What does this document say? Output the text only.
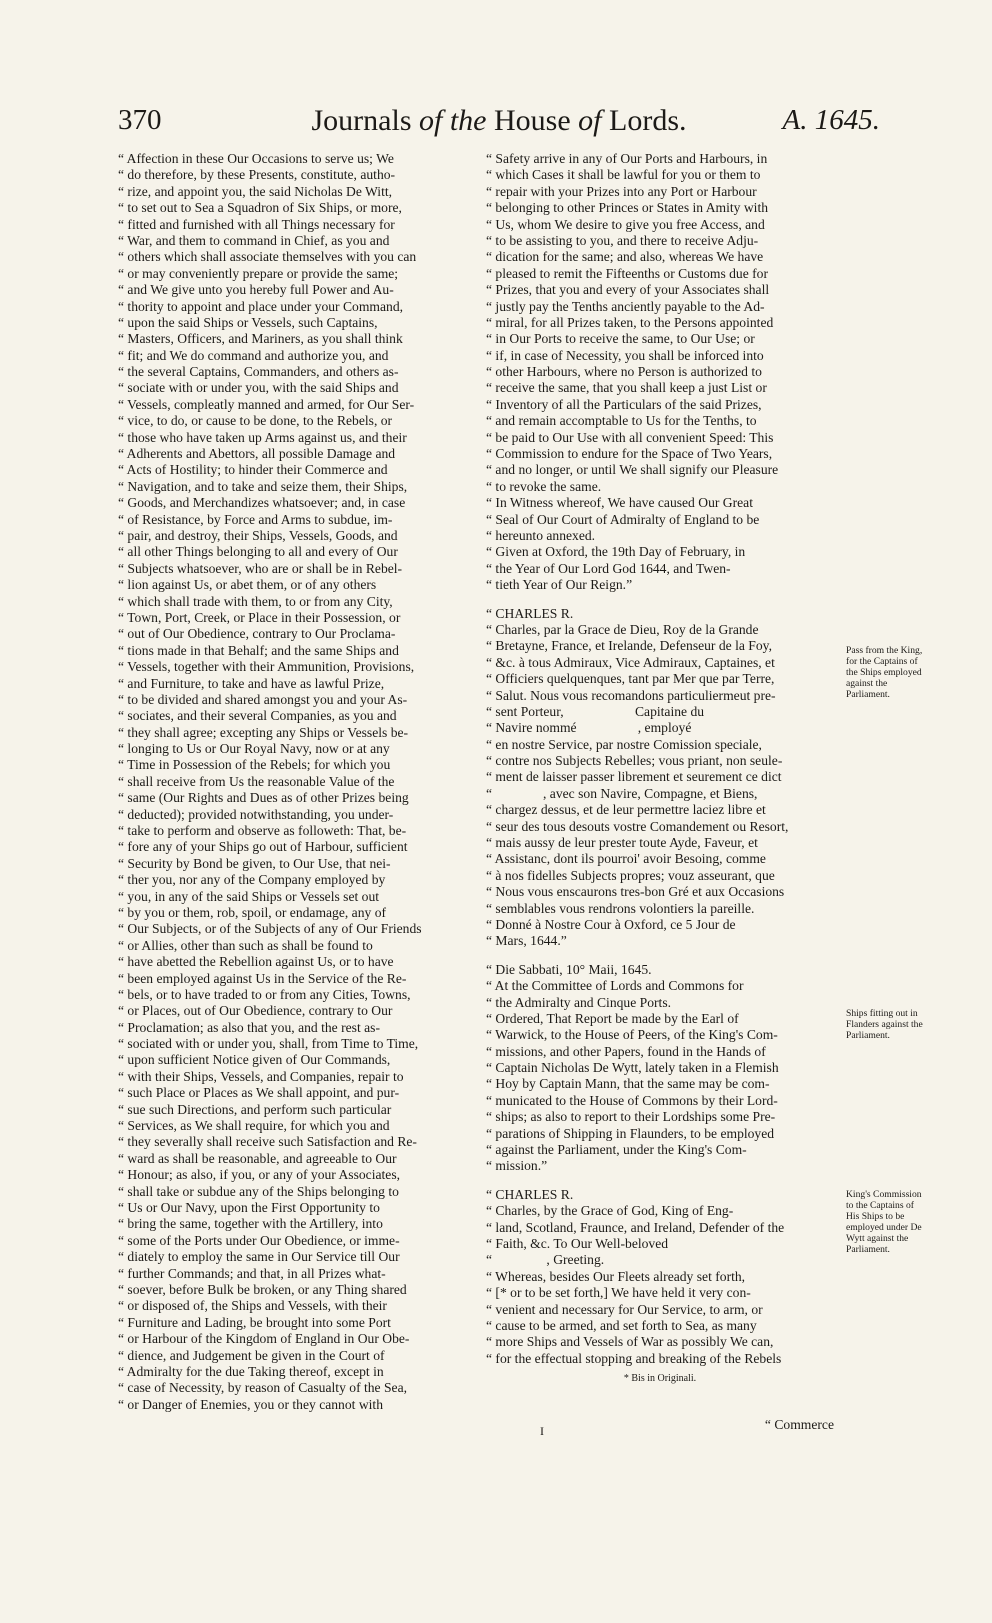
370	Journals of the House of Lords.	A. 1645.
“ Affection in these Our Occasions to serve us; We
“ do therefore, by these Presents, constitute, autho-
“ rize, and appoint you, the said Nicholas De Witt,
“ to set out to Sea a Squadron of Six Ships, or more,
“ fitted and furnished with all Things necessary for
“ War, and them to command in Chief, as you and
“ others which shall associate themselves with you can
“ or may conveniently prepare or provide the same;
“ and We give unto you hereby full Power and Au-
“ thority to appoint and place under your Command,
“ upon the said Ships or Vessels, such Captains,
“ Masters, Officers, and Mariners, as you shall think
“ fit; and We do command and authorize you, and
“ the several Captains, Commanders, and others as-
“ sociate with or under you, with the said Ships and
“ Vessels, compleatly manned and armed, for Our Ser-
“ vice, to do, or cause to be done, to the Rebels, or
“ those who have taken up Arms against us, and their
“ Adherents and Abettors, all possible Damage and
“ Acts of Hostility; to hinder their Commerce and
“ Navigation, and to take and seize them, their Ships,
“ Goods, and Merchandizes whatsoever; and, in case
“ of Resistance, by Force and Arms to subdue, im-
“ pair, and destroy, their Ships, Vessels, Goods, and
“ all other Things belonging to all and every of Our
“ Subjects whatsoever, who are or shall be in Rebel-
“ lion against Us, or abet them, or of any others
“ which shall trade with them, to or from any City,
“ Town, Port, Creek, or Place in their Possession, or
“ out of Our Obedience, contrary to Our Proclama-
“ tions made in that Behalf; and the same Ships and
“ Vessels, together with their Ammunition, Provisions,
“ and Furniture, to take and have as lawful Prize,
“ to be divided and shared amongst you and your As-
“ sociates, and their several Companies, as you and
“ they shall agree; excepting any Ships or Vessels be-
“ longing to Us or Our Royal Navy, now or at any
“ Time in Possession of the Rebels; for which you
“ shall receive from Us the reasonable Value of the
“ same (Our Rights and Dues as of other Prizes being
“ deducted); provided notwithstanding, you under-
“ take to perform and observe as followeth: That, be-
“ fore any of your Ships go out of Harbour, sufficient
“ Security by Bond be given, to Our Use, that nei-
“ ther you, nor any of the Company employed by
“ you, in any of the said Ships or Vessels set out
“ by you or them, rob, spoil, or endamage, any of
“ Our Subjects, or of the Subjects of any of Our Friends
“ or Allies, other than such as shall be found to
“ have abetted the Rebellion against Us, or to have
“ been employed against Us in the Service of the Re-
“ bels, or to have traded to or from any Cities, Towns,
“ or Places, out of Our Obedience, contrary to Our
“ Proclamation; as also that you, and the rest as-
“ sociated with or under you, shall, from Time to Time,
“ upon sufficient Notice given of Our Commands,
“ with their Ships, Vessels, and Companies, repair to
“ such Place or Places as We shall appoint, and pur-
“ sue such Directions, and perform such particular
“ Services, as We shall require, for which you and
“ they severally shall receive such Satisfaction and Re-
“ ward as shall be reasonable, and agreeable to Our
“ Honour; as also, if you, or any of your Associates,
“ shall take or subdue any of the Ships belonging to
“ Us or Our Navy, upon the First Opportunity to
“ bring the same, together with the Artillery, into
“ some of the Ports under Our Obedience, or imme-
“ diately to employ the same in Our Service till Our
“ further Commands; and that, in all Prizes what-
“ soever, before Bulk be broken, or any Thing shared
“ or disposed of, the Ships and Vessels, with their
“ Furniture and Lading, be brought into some Port
“ or Harbour of the Kingdom of England in Our Obe-
“ dience, and Judgement be given in the Court of
“ Admiralty for the due Taking thereof, except in
“ case of Necessity, by reason of Casualty of the Sea,
“ or Danger of Enemies, you or they cannot with
“ Safety arrive in any of Our Ports and Harbours, in
“ which Cases it shall be lawful for you or them to
“ repair with your Prizes into any Port or Harbour
“ belonging to other Princes or States in Amity with
“ Us, whom We desire to give you free Access, and
“ to be assisting to you, and there to receive Adju-
“ dication for the same; and also, whereas We have
“ pleased to remit the Fifteenths or Customs due for
“ Prizes, that you and every of your Associates shall
“ justly pay the Tenths anciently payable to the Ad-
“ miral, for all Prizes taken, to the Persons appointed
“ in Our Ports to receive the same, to Our Use; or
“ if, in case of Necessity, you shall be inforced into
“ other Harbours, where no Person is authorized to
“ receive the same, that you shall keep a just List or
“ Inventory of all the Particulars of the said Prizes,
“ and remain accomptable to Us for the Tenths, to
“ be paid to Our Use with all convenient Speed: This
“ Commission to endure for the Space of Two Years,
“ and no longer, or until We shall signify our Pleasure
“ to revoke the same.
“ In Witness whereof, We have caused Our Great
“ Seal of Our Court of Admiralty of England to be
“ hereunto annexed.
“ Given at Oxford, the 19th Day of February, in
“ the Year of Our Lord God 1644, and Twen-
“ tieth Year of Our Reign.”
“ CHARLES R.
“ Charles, par la Grace de Dieu, Roy de la Grande
“ Bretayne, France, et Irelande, Defenseur de la Foy,
“ &c. à tous Admiraux, Vice Admiraux, Captaines, et
“ Officiers quelquenques, tant par Mer que par Terre,
“ Salut. Nous vous recomandons particuliermeut pre-
“ sent Porteur,                     Capitaine du
“ Navire nommé                  , employé
“ en nostre Service, par nostre Comission speciale,
“ contre nos Subjects Rebelles; vous priant, non seule-
“ ment de laisser passer librement et seurement ce dict
“               , avec son Navire, Compagne, et Biens,
“ chargez dessus, et de leur permettre laciez libre et
“ seur des tous desouts vostre Comandement ou Resort,
“ mais aussy de leur prester toute Ayde, Faveur, et
“ Assistanc, dont ils pourroi' avoir Besoing, comme
“ à nos fidelles Subjects propres; vouz asseurant, que
“ Nous vous enscaurons tres-bon Gré et aux Occasions
“ semblables vous rendrons volontiers la pareille.
“ Donné à Nostre Cour à Oxford, ce 5 Jour de
“ Mars, 1644.”
“ Die Sabbati, 10° Maii, 1645.
“ At the Committee of Lords and Commons for
“ the Admiralty and Cinque Ports.
“ Ordered, That Report be made by the Earl of
“ Warwick, to the House of Peers, of the King's Com-
“ missions, and other Papers, found in the Hands of
“ Captain Nicholas De Wytt, lately taken in a Flemish
“ Hoy by Captain Mann, that the same may be com-
“ municated to the House of Commons by their Lord-
“ ships; as also to report to their Lordships some Pre-
“ parations of Shipping in Flaunders, to be employed
“ against the Parliament, under the King's Com-
“ mission.”
“ CHARLES R.
“ Charles, by the Grace of God, King of Eng-
“ land, Scotland, Fraunce, and Ireland, Defender of the
“ Faith, &c. To Our Well-beloved
“                , Greeting.
“ Whereas, besides Our Fleets already set forth,
“ [* or to be set forth,] We have held it very con-
“ venient and necessary for Our Service, to arm, or
“ cause to be armed, and set forth to Sea, as many
“ more Ships and Vessels of War as possibly We can,
“ for the effectual stopping and breaking of the Rebels
* Bis in Originali.
“ Commerce
I
Pass from the King, for the Captains of the Ships employed against the Parliament.
Ships fitting out in Flanders against the Parliament.
King's Commission to the Captains of His Ships to be employed under De Wytt against the Parliament.
